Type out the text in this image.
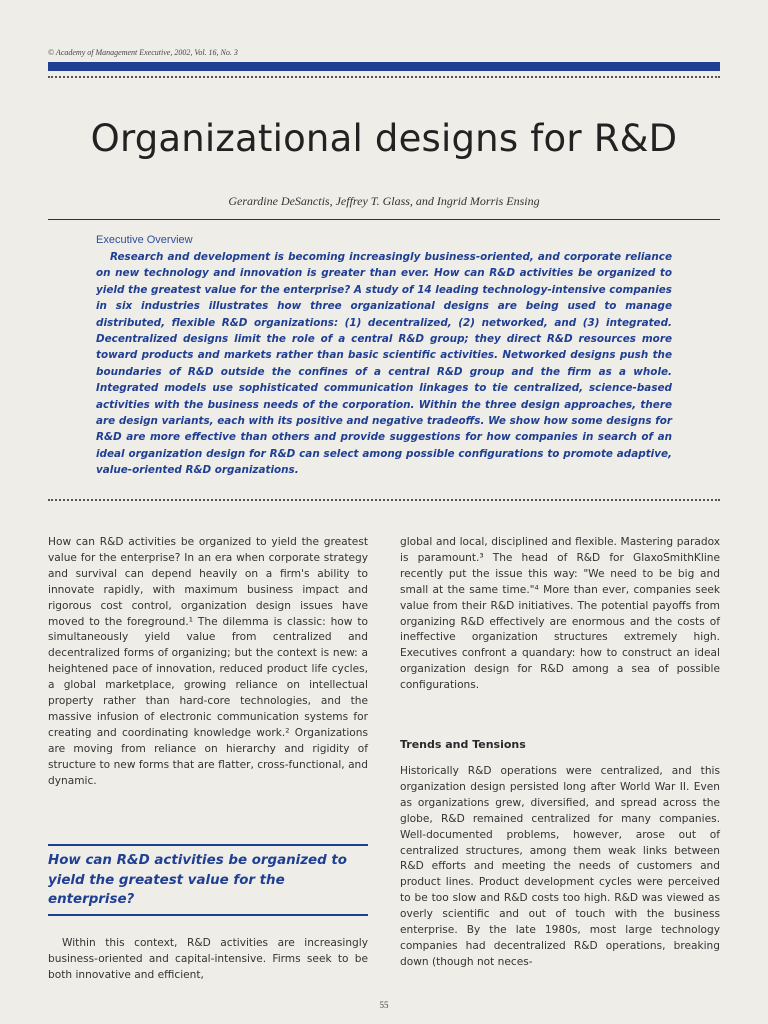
© Academy of Management Executive, 2002, Vol. 16, No. 3
Organizational designs for R&D
Gerardine DeSanctis, Jeffrey T. Glass, and Ingrid Morris Ensing
Executive Overview
Research and development is becoming increasingly business-oriented, and corporate reliance on new technology and innovation is greater than ever. How can R&D activities be organized to yield the greatest value for the enterprise? A study of 14 leading technology-intensive companies in six industries illustrates how three organizational designs are being used to manage distributed, flexible R&D organizations: (1) decentralized, (2) networked, and (3) integrated. Decentralized designs limit the role of a central R&D group; they direct R&D resources more toward products and markets rather than basic scientific activities. Networked designs push the boundaries of R&D outside the confines of a central R&D group and the firm as a whole. Integrated models use sophisticated communication linkages to tie centralized, science-based activities with the business needs of the corporation. Within the three design approaches, there are design variants, each with its positive and negative tradeoffs. We show how some designs for R&D are more effective than others and provide suggestions for how companies in search of an ideal organization design for R&D can select among possible configurations to promote adaptive, value-oriented R&D organizations.

How can R&D activities be organized to yield the greatest value for the enterprise? In an era when corporate strategy and survival can depend heavily on a firm's ability to innovate rapidly, with maximum business impact and rigorous cost control, organization design issues have moved to the foreground.¹ The dilemma is classic: how to simultaneously yield value from centralized and decentralized forms of organizing; but the context is new: a heightened pace of innovation, reduced product life cycles, a global marketplace, growing reliance on intellectual property rather than hard-core technologies, and the massive infusion of electronic communication systems for creating and coordinating knowledge work.² Organizations are moving from reliance on hierarchy and rigidity of structure to new forms that are flatter, cross-functional, and dynamic.

How can R&D activities be organized to yield the greatest value for the enterprise?

Within this context, R&D activities are increasingly business-oriented and capital-intensive. Firms seek to be both innovative and efficient,

global and local, disciplined and flexible. Mastering paradox is paramount.³ The head of R&D for GlaxoSmithKline recently put the issue this way: "We need to be big and small at the same time."⁴ More than ever, companies seek value from their R&D initiatives. The potential payoffs from organizing R&D effectively are enormous and the costs of ineffective organization structures extremely high. Executives confront a quandary: how to construct an ideal organization design for R&D among a sea of possible configurations.

Trends and Tensions

Historically R&D operations were centralized, and this organization design persisted long after World War II. Even as organizations grew, diversified, and spread across the globe, R&D remained centralized for many companies. Well-documented problems, however, arose out of centralized structures, among them weak links between R&D efforts and meeting the needs of customers and product lines. Product development cycles were perceived to be too slow and R&D costs too high. R&D was viewed as overly scientific and out of touch with the business enterprise. By the late 1980s, most large technology companies had decentralized R&D operations, breaking down (though not neces-

55
